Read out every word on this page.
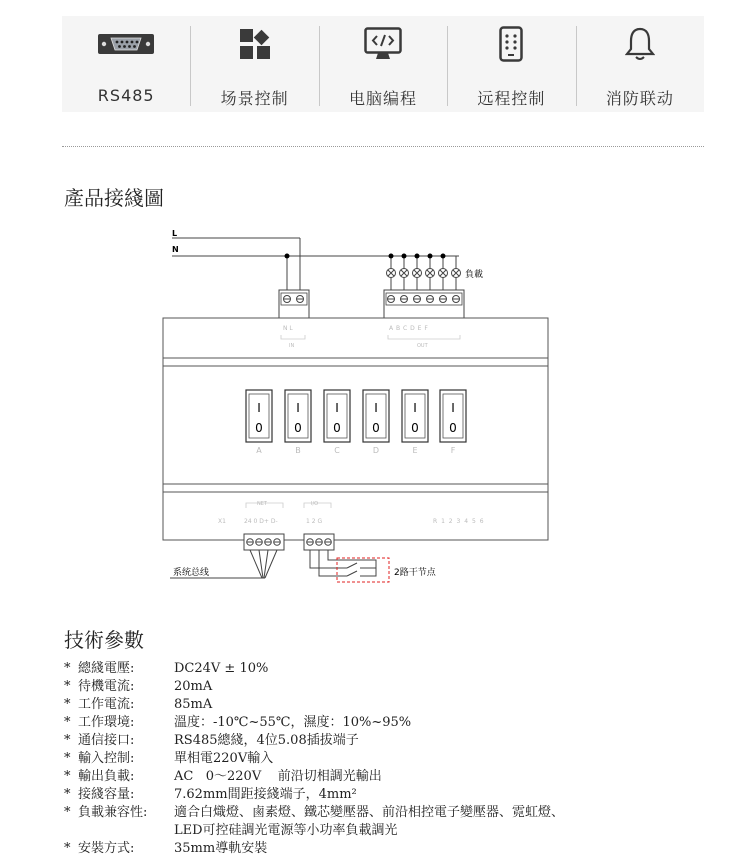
RS485	场景控制	电脑编程	远程控制	消防联动
產品接綫圖
L
N
負載
N L
IN
A B C D E F
OUT
I
0
A
I
0
B
I
0
C
I
0
D
I
0
E
I
0
F
NET
24 0 D+ D-
X1
I/O
1 2 G	R 1 2 3 4 5 6
系统总线	2路干节点
技術參數
* 總綫電壓:	DC24V ± 10%
* 待機電流:	20mA
* 工作電流:	85mA
* 工作環境:	溫度：-10℃~55℃，濕度：10%~95%
* 通信接口:	RS485總綫，4位5.08插拔端子
* 輸入控制:	單相電220V輸入
* 輸出負載:	AC   0～220V    前沿切相調光輸出
* 接綫容量:	7.62mm間距接綫端子，4mm²
* 負載兼容性:	適合白熾燈、鹵素燈、鐵芯變壓器、前沿相控電子變壓器、霓虹燈、
LED可控硅調光電源等小功率負載調光
* 安裝方式:	35mm導軌安裝
